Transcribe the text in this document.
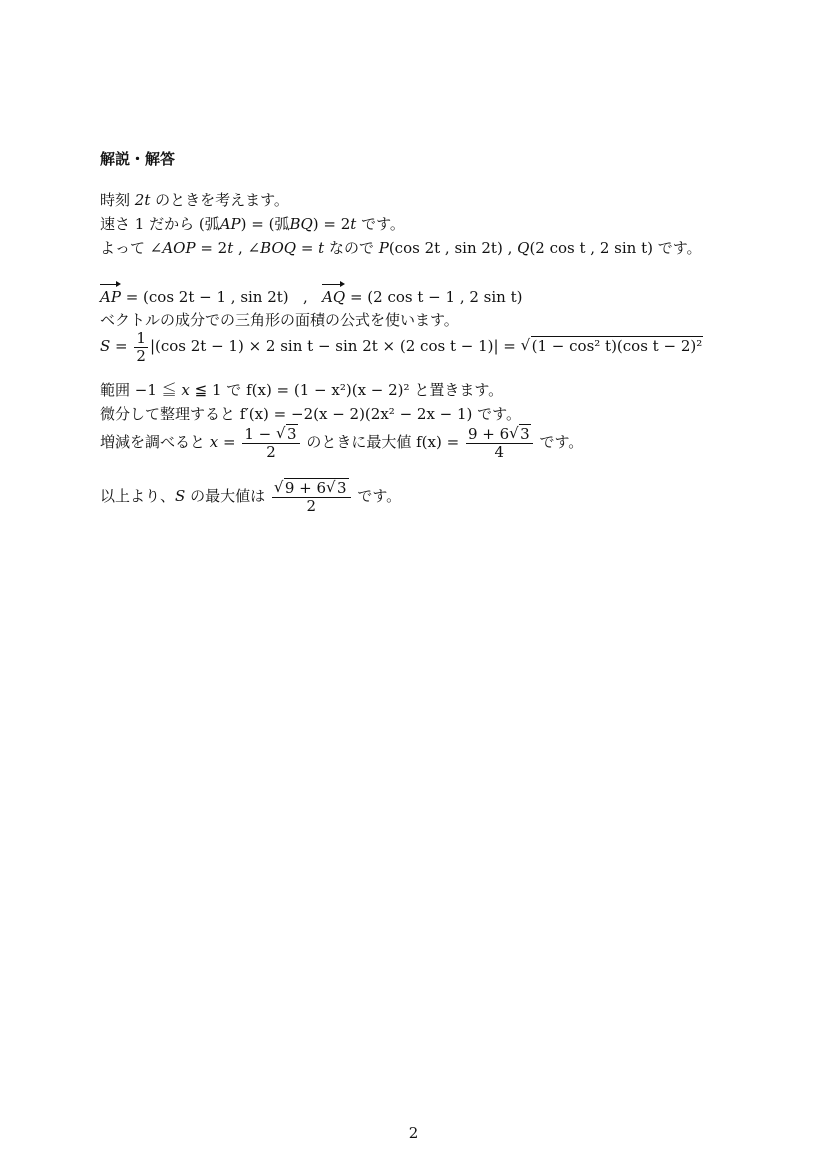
解説・解答
時刻 2t のときを考えます。
速さ 1 だから (弧AP) = (弧BQ) = 2t です。
よって ∠AOP = 2t , ∠BOQ = t なので P(cos 2t , sin 2t) , Q(2 cos t , 2 sin t) です。
AP = (cos 2t − 1 , sin 2t)   ,   AQ = (2 cos t − 1 , 2 sin t)
ベクトルの成分での三角形の面積の公式を使います。
$S = \frac{1}{2} |(\cos$ 2t − 1) × 2 sin t − sin 2t × (2 cos t − 1)| = √ (1 − cos² t)(cos t − 2)²
範囲 −1 ≦ x ≦ 1 で f(x) = (1 − x²)(x − 2)² と置きます。
微分して整理すると f′(x) = −2(x − 2)(2x² − 2x − 1) です。
増減を調べると $x = \frac{1 - √ 3}{2}$ のときに最大値 $f(x) = \frac{9 + 6 √ 3}{4}$ です。
以上より、S の最大値は √ $\frac{9 + 6 √ 3}{2}$ です。
2
